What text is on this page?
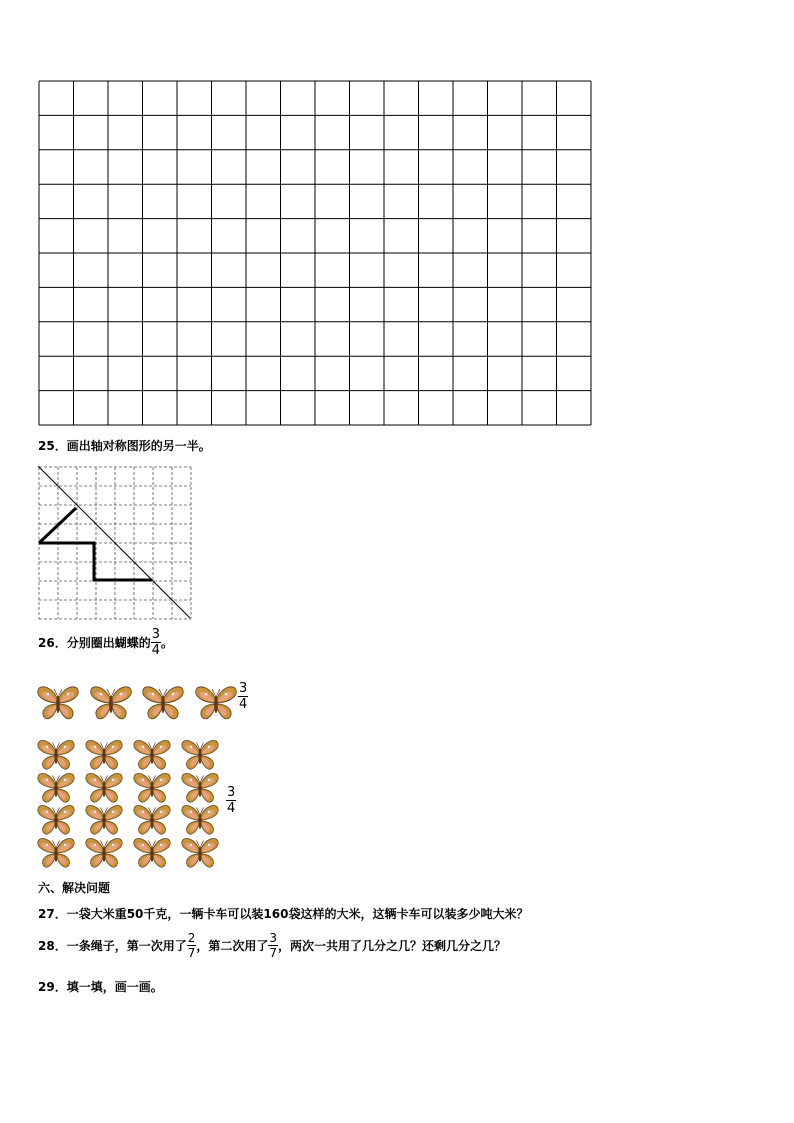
25．画出轴对称图形的另一半。
26．分别圈出蝴蝶的 $\frac{3}{4}$ 。
$\frac{3}{4}$
$\frac{3}{4}$
六、解决问题
27．一袋大米重50千克，一辆卡车可以装160袋这样的大米，这辆卡车可以装多少吨大米？
28．一条绳子，第一次用了 $\frac{2}{7}$ ，第二次用了 $\frac{3}{7}$ ，两次一共用了几分之几？还剩几分之几？
29．填一填，画一画。
